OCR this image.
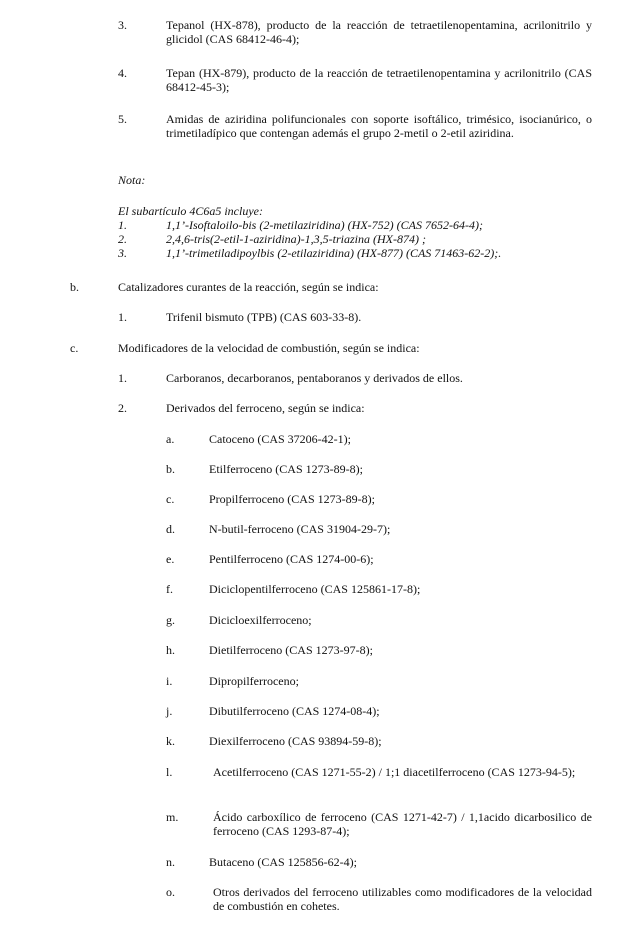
3.	Tepanol (HX-878), producto de la reacción de tetraetilenopentamina, acrilonitrilo y glicidol (CAS 68412-46-4);
4.	Tepan (HX-879), producto de la reacción de tetraetilenopentamina y acrilonitrilo (CAS 68412-45-3);
5.	Amidas de aziridina polifuncionales con soporte isoftálico, trimésico, isocianúrico, o trimetiladípico que contengan además el grupo 2-metil o 2-etil aziridina.
Nota:
El subartículo 4C6a5 incluye:
1.	1,1’-Isoftaloilo-bis (2-metilaziridina) (HX-752) (CAS 7652-64-4);
2.	2,4,6-tris(2-etil-1-aziridina)-1,3,5-triazina (HX-874) ;
3.	1,1’-trimetiladipoylbis (2-etilaziridina) (HX-877) (CAS 71463-62-2);.
b.	Catalizadores curantes de la reacción, según se indica:
1.	Trifenil bismuto (TPB) (CAS 603-33-8).
c.	Modificadores de la velocidad de combustión, según se indica:
1.	Carboranos, decarboranos, pentaboranos y derivados de ellos.
2.	Derivados del ferroceno, según se indica:
a.	Catoceno (CAS 37206-42-1);
b.	Etilferroceno (CAS 1273-89-8);
c.	Propilferroceno (CAS 1273-89-8);
d.	N-butil-ferroceno (CAS 31904-29-7);
e.	Pentilferroceno (CAS 1274-00-6);
f.	Diciclopentilferroceno (CAS 125861-17-8);
g.	Dicicloexilferroceno;
h.	Dietilferroceno (CAS 1273-97-8);
i.	Dipropilferroceno;
j.	Dibutilferroceno (CAS 1274-08-4);
k.	Diexilferroceno (CAS 93894-59-8);
l.	Acetilferroceno (CAS 1271-55-2) / 1;1 diacetilferroceno (CAS 1273-94-5);
m.	Ácido carboxílico de ferroceno (CAS 1271-42-7) / 1,1acido dicarbosilico de ferroceno (CAS 1293-87-4);
n.	Butaceno (CAS 125856-62-4);
o.	Otros derivados del ferroceno utilizables como modificadores de la velocidad de combustión en cohetes.
